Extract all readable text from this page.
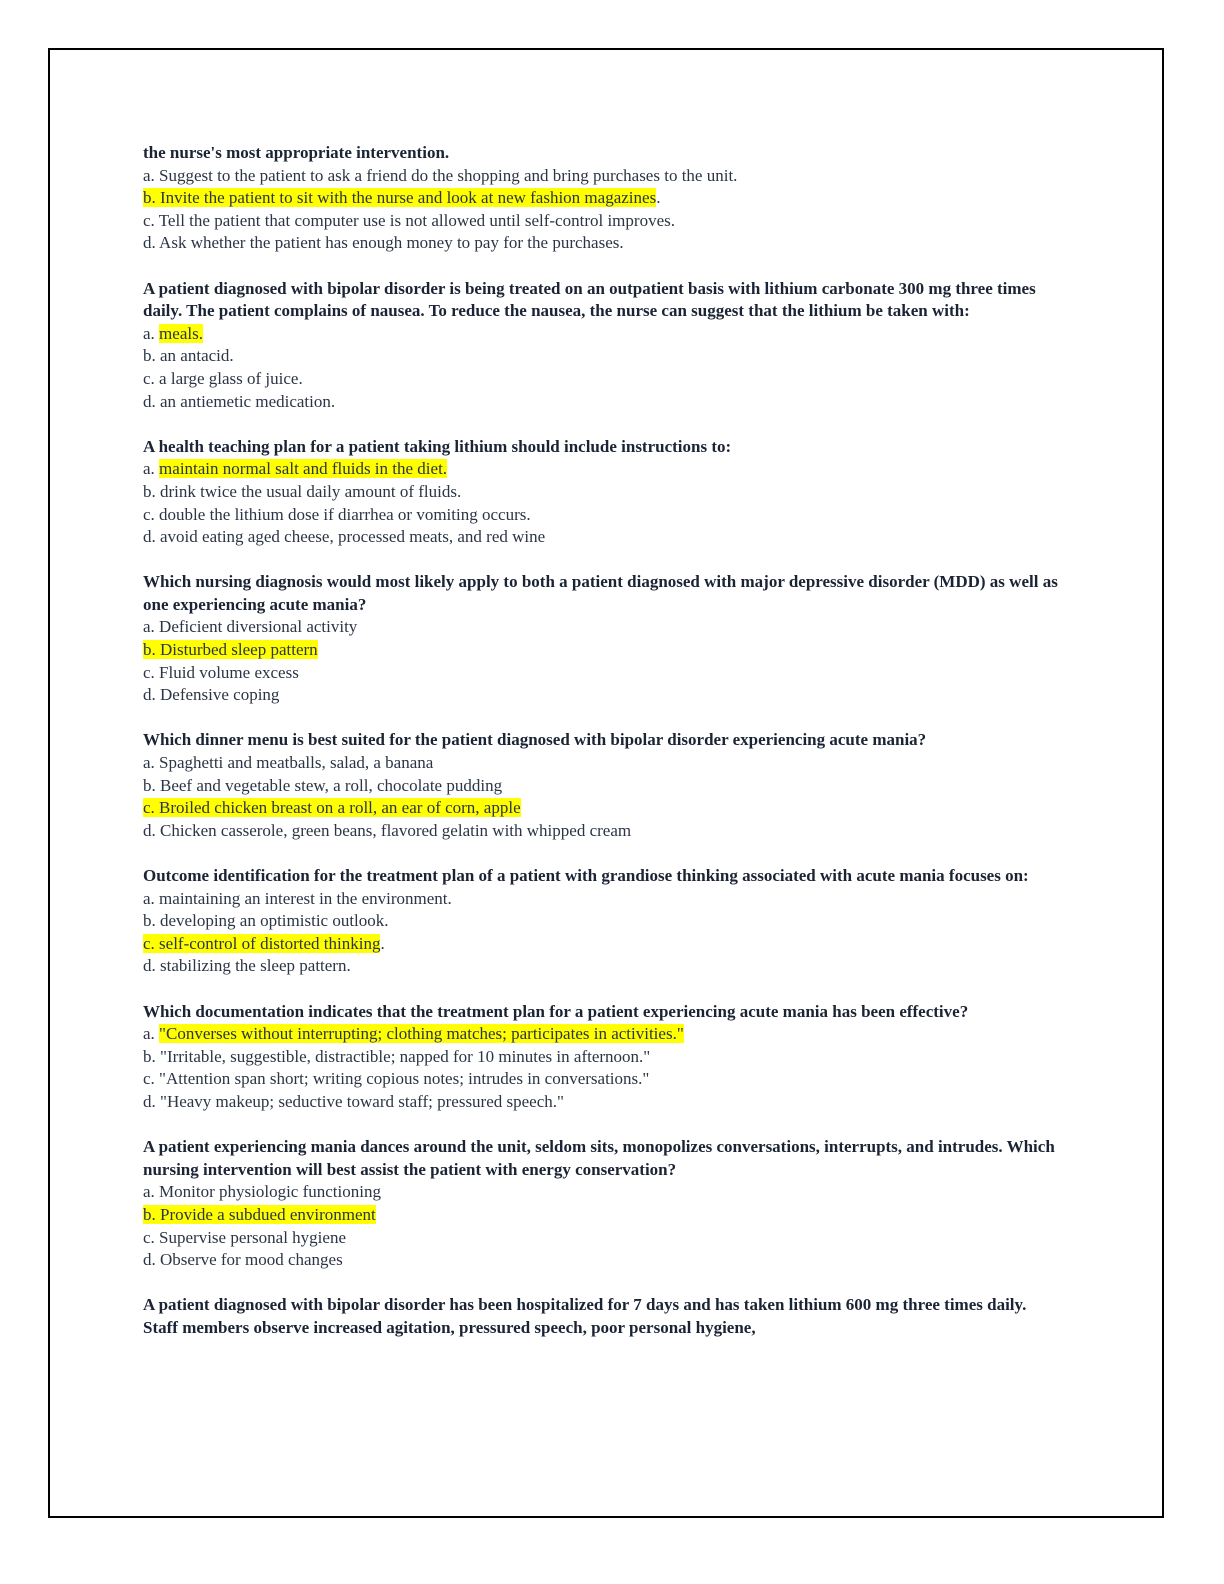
the nurse's most appropriate intervention.
a. Suggest to the patient to ask a friend do the shopping and bring purchases to the unit.
b. Invite the patient to sit with the nurse and look at new fashion magazines.
c. Tell the patient that computer use is not allowed until self-control improves.
d. Ask whether the patient has enough money to pay for the purchases.
A patient diagnosed with bipolar disorder is being treated on an outpatient basis with lithium carbonate 300 mg three times daily. The patient complains of nausea. To reduce the nausea, the nurse can suggest that the lithium be taken with:
a. meals.
b. an antacid.
c. a large glass of juice.
d. an antiemetic medication.
A health teaching plan for a patient taking lithium should include instructions to:
a. maintain normal salt and fluids in the diet.
b. drink twice the usual daily amount of fluids.
c. double the lithium dose if diarrhea or vomiting occurs.
d. avoid eating aged cheese, processed meats, and red wine
Which nursing diagnosis would most likely apply to both a patient diagnosed with major depressive disorder (MDD) as well as one experiencing acute mania?
a. Deficient diversional activity
b. Disturbed sleep pattern
c. Fluid volume excess
d. Defensive coping
Which dinner menu is best suited for the patient diagnosed with bipolar disorder experiencing acute mania?
a. Spaghetti and meatballs, salad, a banana
b. Beef and vegetable stew, a roll, chocolate pudding
c. Broiled chicken breast on a roll, an ear of corn, apple
d. Chicken casserole, green beans, flavored gelatin with whipped cream
Outcome identification for the treatment plan of a patient with grandiose thinking associated with acute mania focuses on:
a. maintaining an interest in the environment.
b. developing an optimistic outlook.
c. self-control of distorted thinking.
d. stabilizing the sleep pattern.
Which documentation indicates that the treatment plan for a patient experiencing acute mania has been effective?
a. "Converses without interrupting; clothing matches; participates in activities."
b. "Irritable, suggestible, distractible; napped for 10 minutes in afternoon."
c. "Attention span short; writing copious notes; intrudes in conversations."
d. "Heavy makeup; seductive toward staff; pressured speech."
A patient experiencing mania dances around the unit, seldom sits, monopolizes conversations, interrupts, and intrudes. Which nursing intervention will best assist the patient with energy conservation?
a. Monitor physiologic functioning
b. Provide a subdued environment
c. Supervise personal hygiene
d. Observe for mood changes
A patient diagnosed with bipolar disorder has been hospitalized for 7 days and has taken lithium 600 mg three times daily. Staff members observe increased agitation, pressured speech, poor personal hygiene,
